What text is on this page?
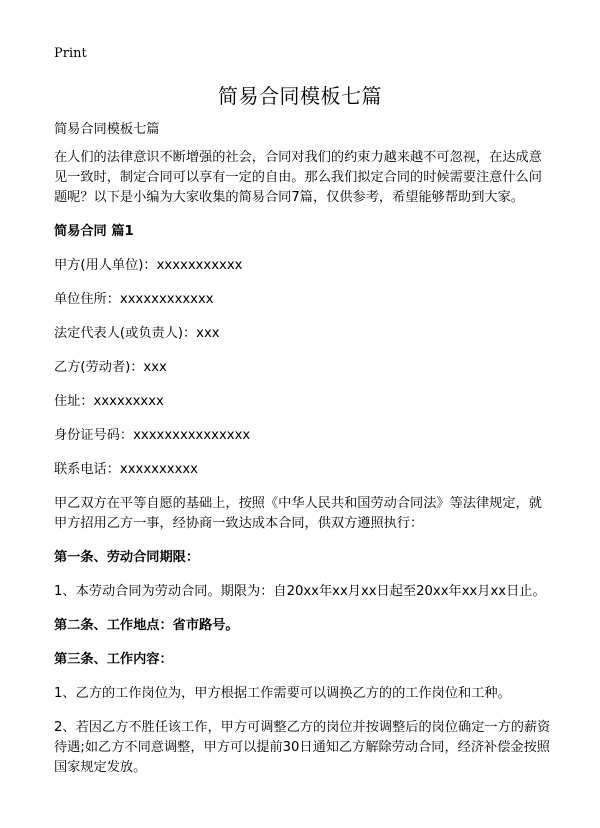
Print
简易合同模板七篇

简易合同模板七篇

在人们的法律意识不断增强的社会，合同对我们的约束力越来越不可忽视，在达成意见一致时，制定合同可以享有一定的自由。那么我们拟定合同的时候需要注意什么问题呢？以下是小编为大家收集的简易合同7篇，仅供参考，希望能够帮助到大家。

简易合同 篇1

甲方(用人单位)：xxxxxxxxxxx

单位住所：xxxxxxxxxxxx

法定代表人(或负责人)：xxx

乙方(劳动者)：xxx

住址：xxxxxxxxx

身份证号码：xxxxxxxxxxxxxxx

联系电话：xxxxxxxxxx

甲乙双方在平等自愿的基础上，按照《中华人民共和国劳动合同法》等法律规定，就甲方招用乙方一事，经协商一致达成本合同，供双方遵照执行：

第一条、劳动合同期限：

1、本劳动合同为劳动合同。期限为：自20xx年xx月xx日起至20xx年xx月xx日止。

第二条、工作地点：省市路号。

第三条、工作内容：

1、乙方的工作岗位为，甲方根据工作需要可以调换乙方的的工作岗位和工种。

2、若因乙方不胜任该工作，甲方可调整乙方的岗位并按调整后的岗位确定一方的薪资待遇;如乙方不同意调整，甲方可以提前30日通知乙方解除劳动合同，经济补偿金按照国家规定发放。
